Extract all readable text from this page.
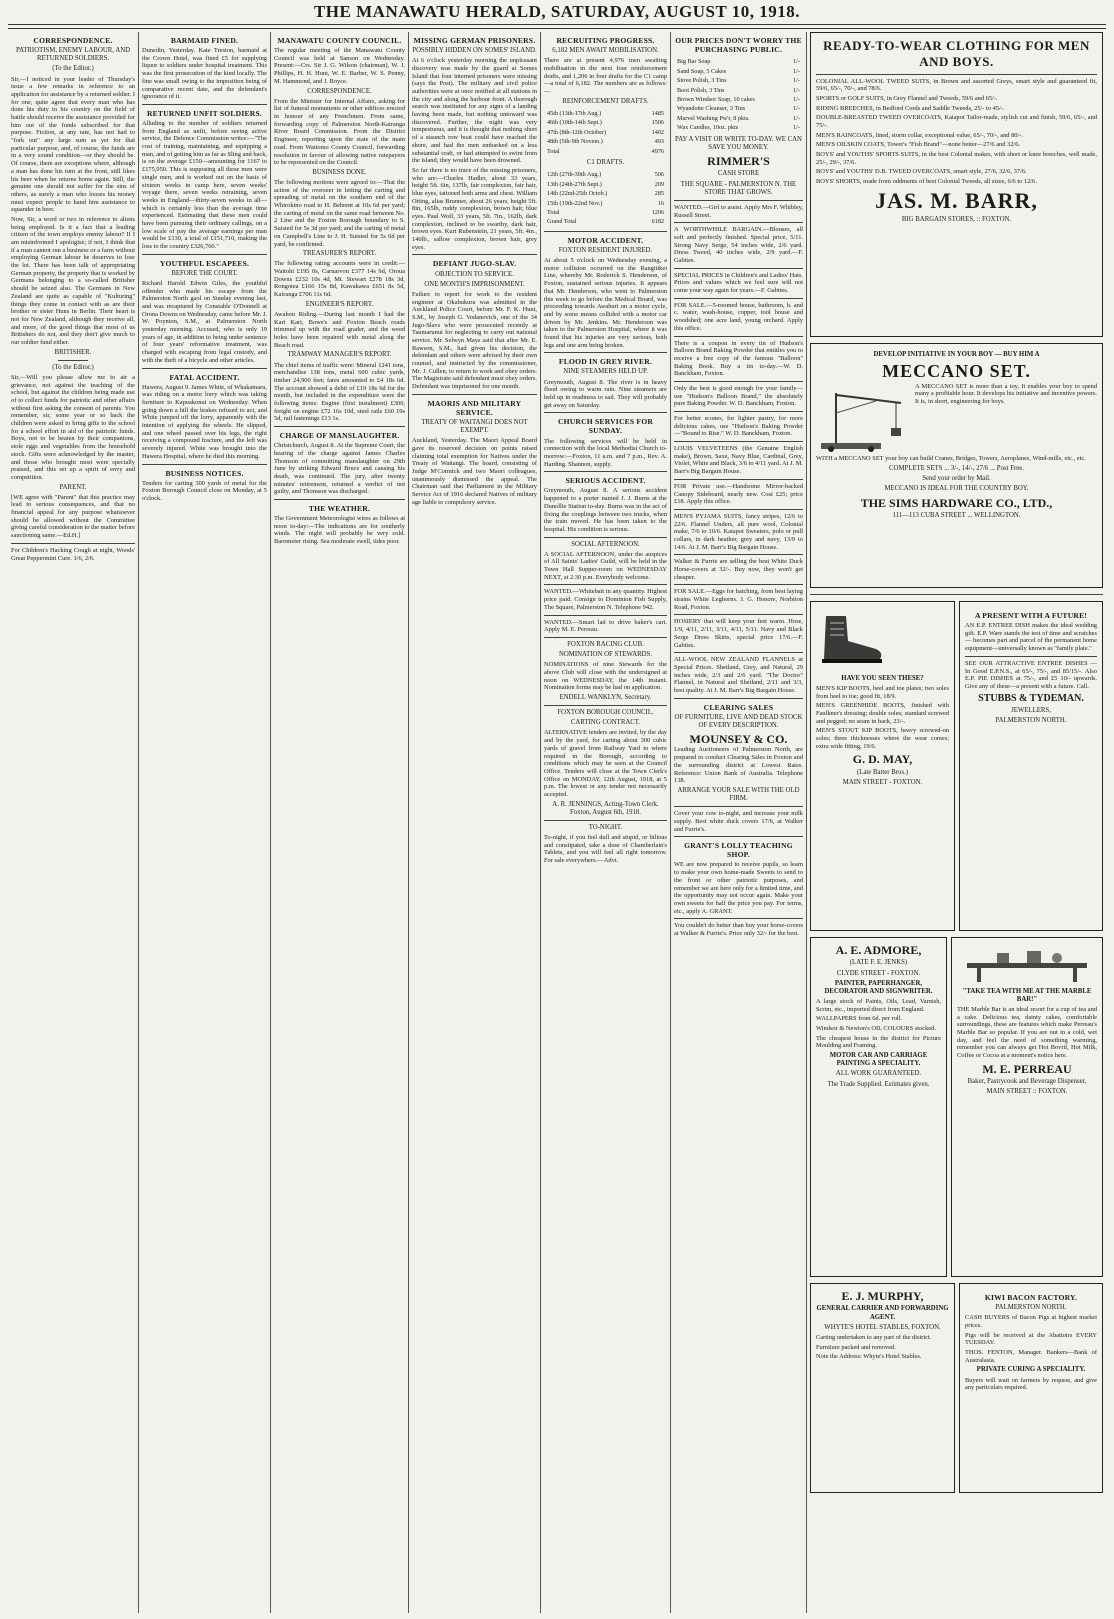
THE MANAWATU HERALD, SATURDAY, AUGUST 10, 1918.
CORRESPONDENCE.
PATRIOTISM, ENEMY LABOUR, AND RETURNED SOLDIERS.
(To the Editor.)
Sir,—I noticed in your leader of Thursday's issue a few remarks in reference to an application for assistance by a returned soldier. I for one, quite agree that every man who has done his duty to his country on the field of battle should receive the assistance provided for him out of the funds subscribed for that purpose. Fiction, at any rate, has not had to "fork out" any large sum as yet for that particular purpose, and, of course, the funds are in a very sound condition—or they should be. Of course, there are exceptions where, although a man has done his turn at the front, still likes his beer when he returns home again. Still, the genuine one should not suffer for the sins of others, as surely a man who looses his money must expect people to hand him assistance to squander in beer.
Now, Sir, a word or two in reference to aliens being employed. Is it a fact that a leading citizen of the town employs enemy labour? If I am misinformed I apologise; if not, I think that if a man cannot run a business or a farm without employing German labour he deserves to lose the lot. There has been talk of appropriating German property, the property that is worked by Germans belonging to a so-called Britisher should be seized also. The Germans in New Zealand are quite as capable of "Kulturing" things they come in contact with as are their brother or sister Huns in Berlin. Their heart is not for New Zealand, although they receive all, and more, of the good things that most of us Britishers do not, and they don't give much to our soldier fund either.
BRITISHER.
(To the Editor.)
Sir,—Will you please allow me to air a grievance, not against the teaching of the school, but against the children being made use of to collect funds for patriotic and other affairs without first asking the consent of parents. You remember, sir, some year or so back the children were asked to bring gifts to the school for a school effort in aid of the patriotic funds. Boys, not to be beaten by their companions, stole eggs and vegetables from the household stock. Gifts were acknowledged by the master, and those who brought most were specially praised, and this set up a spirit of envy and competition.
PARENT.
[WE agree with "Parent" that this practice may lead to serious consequences, and that no financial appeal for any purpose whatsoever should be allowed without the Committee giving careful consideration to the matter before sanctioning same.—Ed.H.]
For Children's Hacking Cough at night, Woods' Great Peppermint Cure. 1/6, 2/6.
BARMAID FINED.
Dunedin, Yesterday. Kate Treston, barmaid at the Crown Hotel, was fined £5 for supplying liquor to soldiers under hospital treatment. This was the first prosecution of the kind locally. The fine was small owing to the imposition being of comparative recent date, and the defendant's ignorance of it.
RETURNED UNFIT SOLDIERS.
Alluding to the number of soldiers returned from England as unfit, before seeing active service, the Defence Commission writes:—"The cost of training, maintaining, and equipping a man, and of getting him as far as Sling and back, is on the average £150—amounting for 1167 to £175,050. This is supposing all these men were single men, and is worked out on the basis of sixteen weeks in camp here, seven weeks' voyage there, seven weeks retraining, seven weeks in England—thirty-seven weeks in all—which is certainly less than the average time experienced. Estimating that these men could have been pursuing their ordinary callings, on a low scale of pay the average earnings per man would be £130, a total of £151,710, making the loss to the country £326,760."
YOUTHFUL ESCAPEES.
BEFORE THE COURT.
Richard Harold Edwin Giles, the youthful offender who made his escape from the Palmerston North gaol on Sunday evening last, and was recaptured by Constable O'Donnell at Orona Downs on Wednesday, came before Mr. J. W. Poynton, S.M., at Palmerston North yesterday morning. Accused, who is only 19 years of age, in addition to being under sentence of four years' reformative treatment, was charged with escaping from legal custody, and with the theft of a bicycle and other articles.
FATAL ACCIDENT.
Hawera, August 9. James White, of Whakamaru, was riding on a motor lorry which was taking furniture to Kapuakonui on Wednesday. When going down a hill the brakes refused to act, and White jumped off the lorry, apparently with the intention of applying the wheels. He slipped, and one wheel passed over his legs, the right receiving a compound fracture, and the left was severely injured. White was brought into the Hawera Hospital, where he died this morning.
BUSINESS NOTICES.
Tenders for carting 300 yards of metal for the Foxton Borough Council close on Monday, at 5 o'clock.
MANAWATU COUNTY COUNCIL.
The regular meeting of the Manawatu County Council was held at Sanson on Wednesday. Present:—Crs. Sir J. G. Wilson (chairman), W. J. Phillips, H. H. Hunt, W. E. Barber, W. S. Penny, M. Hammond, and J. Boyce.
CORRESPONDENCE.
From the Minister for Internal Affairs, asking for list of funeral monuments or other edifices erected in honour of any Frenchmen. From same, forwarding copy of Palmerston North-Kairanga River Board Commission. From the District Engineer, reporting upon the state of the main road. From Waitomo County Council, forwarding resolution in favour of allowing native ratepayers to be represented on the Council.
BUSINESS DONE.
The following motions were agreed to:—That the action of the overseer in letting the carting and spreading of metal on the southern end of the Whirokino road to H. Behrent at 10s 6d per yard; the carting of metal on the same road between No. 2 Line and the Foxton Borough boundary to S. Suisted for 5s 3d per yard; and the carting of metal on Campbell's Line to J. H. Suisted for 5s 6d per yard, be confirmed.
TREASURER'S REPORT.
The following rating accounts were in credit:—Waitohi £195 0s, Carnarvon £377 14s 9d, Oroua Downs £232 10s 4d, Mt. Stewart £278 18s 3d, Rongotea £166 15s 8d, Kawakawa £651 8s 5d, Kairanga £706 11s 6d.
ENGINEER'S REPORT.
Awahou Riding.—During last month I had the Kari Kari, Bowe's and Foxton Beach roads trimmed up with the road grader, and the weed holes have been repaired with metal along the Beach road.
TRAMWAY MANAGER'S REPORT.
The chief items of traffic were: Mineral 1241 tons, merchandise 138 tons, metal 600 cubic yards, timber 24,900 feet; fares amounted to £4 18s 6d. The account showed a debit of £19 18s 6d for the month, but included in the expenditure were the following items: Engine (first instalment) £300, freight on engine £72 16s 10d, steel rails £60 19s 5d, rail fastenings £13 1s.
CHARGE OF MANSLAUGHTER.
Christchurch, August 8. At the Supreme Court, the hearing of the charge against James Charles Thomson of committing manslaughter on 29th June by striking Edward Bruce and causing his death, was continued. The jury, after twenty minutes' retirement, returned a verdict of not guilty, and Thomson was discharged.
THE WEATHER.
The Government Meteorologist wires as follows at noon to-day:—The indications are for southerly winds. The night will probably be very cold. Barometer rising. Sea moderate swell, tides poor.
MISSING GERMAN PRISONERS.
POSSIBLY HIDDEN ON SOMES' ISLAND.
At 6 o'clock yesterday morning the unpleasant discovery was made by the guard at Somes Island that four interned prisoners were missing (says the Post). The military and civil police authorities were at once notified at all stations in the city and along the harbour front. A thorough search was instituted for any signs of a landing having been made, but nothing untoward was discovered. Further, the night was very tempestuous, and it is thought that nothing short of a staunch row boat could have reached the shore, and had the men embarked on a less substantial craft, or had attempted to swim from the island, they would have been drowned.
So far there is no trace of the missing prisoners, who are:—Charles Hadler, about 33 years, height 5ft. 6in, 137lb, fair complexion, fair hair, blue eyes, tattooed both arms and chest. William Otting, alias Brunner, about 26 years, height 5ft. 8in, 165lb, ruddy complexion, brown hair, blue eyes. Paul Wolf, 33 years, 5ft. 7in., 162lb, dark complexion, inclined to be swarthy, dark hair, brown eyes. Kurt Rubenstein, 21 years, 5ft. 4in., 140lb., sallow complexion, brown hair, grey eyes.
DEFIANT JUGO-SLAV.
OBJECTION TO SERVICE.
ONE MONTH'S IMPRISONMENT.
Failure to report for work to the resident engineer at Okahukura was admitted in the Auckland Police Court, before Mr. F. K. Hunt, S.M., by Joseph G. Vodanovich, one of the 34 Jugo-Slavs who were prosecuted recently at Taumarunui for neglecting to carry out national service. Mr. Selwyn Mays said that after Mr. E. Rawson, S.M., had given his decision, the defendant and others were advised by their own counsel, and instructed by the commissioner, Mr. J. Cullen, to return to work and obey orders. The Magistrate said defendant must obey orders. Defendant was imprisoned for one month.
MAORIS AND MILITARY SERVICE.
TREATY OF WAITANGI DOES NOT EXEMPT.
Auckland, Yesterday. The Maori Appeal Board gave its reserved decision on points raised claiming total exemption for Natives under the Treaty of Waitangi. The board, consisting of Judge M'Cormick and two Maori colleagues, unanimously dismissed the appeal. The Chairman said that Parliament in the Military Service Act of 1916 declared Natives of military age liable to compulsory service.
RECRUITING PROGRESS.
6,182 MEN AWAIT MOBILISATION.
There are at present 4,976 men awaiting mobilisation in the next four reinforcement drafts, and 1,206 in four drafts for the C1 camp—a total of 6,182. The numbers are as follows:—
REINFORCEMENT DRAFTS.
45th (13th-17th Aug.)	1485
46th (10th-14th Sept.)	1506
47th (8th-12th October)	1402
48th (5th-9th Novem.)	493
Total	4976
C1 DRAFTS.
12th (27th-30th Aug.)	506
13th (24th-27th Sept.)	209
14th (22nd-25th Octob.)	285
15th (19th-22nd Nov.)	16
Total	1206
Grand Total	6182
MOTOR ACCIDENT.
FOXTON RESIDENT INJURED.
At about 5 o'clock on Wednesday evening, a motor collision occurred on the Rangitikei Line, whereby Mr. Roderick S. Henderson, of Foxton, sustained serious injuries. It appears that Mr. Henderson, who went to Palmerston this week to go before the Medical Board, was proceeding towards Awahuri on a motor cycle, and by some means collided with a motor car driven by Mr. Jenkins. Mr. Henderson was taken to the Palmerston Hospital, where it was found that his injuries are very serious, both legs and one arm being broken.
FLOOD IN GREY RIVER.
NINE STEAMERS HELD UP.
Greymouth, August 8. The river is in heavy flood owing to warm rain. Nine steamers are held up in readiness to sail. They will probably get away on Saturday.
CHURCH SERVICES FOR SUNDAY.
The following services will be held in connection with the local Methodist Church to-morrow:—Foxton, 11 a.m. and 7 p.m., Rev. A. Harding. Shannon, supply.
SERIOUS ACCIDENT.
Greymouth, August 8. A serious accident happened to a porter named J. J. Burns at the Dunollie Station to-day. Burns was in the act of fixing the couplings between two trucks, when the train moved. He has been taken to the hospital. His condition is serious.
SOCIAL AFTERNOON.
A SOCIAL AFTERNOON, under the auspices of All Saints' Ladies' Guild, will be held in the Town Hall Supper-room on WEDNESDAY NEXT, at 2.30 p.m. Everybody welcome.
WANTED.—Whitebait in any quantity. Highest price paid. Consign to Dominion Fish Supply, The Square, Palmerston N. Telephone 942.
WANTED.—Smart lad to drive baker's cart. Apply M. E. Perreau.
FOXTON RACING CLUB.
NOMINATION OF STEWARDS.
NOMINATIONS of nine Stewards for the above Club will close with the undersigned at noon on WEDNESDAY, the 14th instant. Nomination forms may be had on application.
ENDELL WANKLYN, Secretary.
FOXTON BOROUGH COUNCIL.
CARTING CONTRACT.
ALTERNATIVE tenders are invited, by the day and by the yard, for carting about 300 cubic yards of gravel from Railway Yard to where required in the Borough, according to conditions which may be seen at the Council Office. Tenders will close at the Town Clerk's Office on MONDAY, 12th August, 1918, at 5 p.m. The lowest or any tender not necessarily accepted.
A. R. JENNINGS, Acting-Town Clerk. Foxton, August 6th, 1918.
TO-NIGHT.
To-night, if you feel dull and stupid, or bilious and constipated, take a dose of Chamberlain's Tablets, and you will feel all right tomorrow. For sale everywhere.—Advt.
OUR PRICES DON'T WORRY THE PURCHASING PUBLIC.
Big Bar Soap	1/-
Sand Soap, 5 Cakes	1/-
Stove Polish, 3 Tins	1/-
Boot Polish, 3 Tins	1/-
Brown Windsor Soap, 10 cakes	1/-
Wyandotte Cleanser, 3 Tins	1/-
Marvel Washing Pw'r, 8 pkts.	1/-
Wax Candles, 10oz. pkts	1/-
PAY A VISIT OR WRITE TO-DAY. WE CAN SAVE YOU MONEY.
RIMMER'S
CASH STORE
THE SQUARE - PALMERSTON N. THE STORE THAT GROWS.
WANTED.—Girl to assist. Apply Mrs F. Whibley, Russell Street.
A WORTHWHILE BARGAIN.—Blouses, all soft and perfectly finished. Special price, 5/11. Strong Navy Serge, 54 inches wide, 2/6 yard. Dress Tweed, 40 inches wide, 2/9 yard.—F. Gabites.
SPECIAL PRICES in Children's and Ladies' Hats. Prices and values which we feel sure will not come your way again for years.—F. Gabites.
FOR SALE.—5-roomed house, bathroom, h. and c. water, wash-house, copper, tool house and woodshed; one acre land, young orchard. Apply this office.
There is a coupon in every tin of Hudson's Balloon Brand Baking Powder that entitles you to receive a free copy of the famous "Balloon" Baking Book. Buy a tin to-day.—W. D. Banckham, Foxton.
Only the best is good enough for your family—use "Hudson's Balloon Brand," the absolutely pure Baking Powder. W. D. Banckham, Foxton.
For better scones, for lighter pastry, for more delicious cakes, use "Hudson's Baking Powder—"Bound to Rise." W. D. Banckham, Foxton.
LOUIS VELVETEENS (the Genuine English make), Brown, Saxe, Navy Blue, Cardinal, Grey, Violet, White and Black, 3/6 to 4/11 yard. At J. M. Barr's Big Bargain House.
FOR Private use.—Handsome Mirror-backed Canopy Sideboard, nearly new. Cost £25; price £18. Apply this office.
MEN'S PYJAMA SUITS, fancy stripes, 12/6 to 22/6. Flannel Unders, all pure wool, Colonial make, 7/6 to 10/6. Kaiapoi Sweaters, polo or pull collars, in dark heather, grey and navy, 13/9 to 14/6. At J. M. Barr's Big Bargain House.
Walker & Furrie are selling the best White Duck Horse-covers at 32/-. Buy now, they won't get cheaper.
FOR SALE.—Eggs for hatching, from best laying strains White Leghorns. J. G. Honore, Norbiton Road, Foxton.
HOSIERY that will keep your feet warm. Hose, 1/9, 4/11, 2/11, 3/11, 4/11, 5/11. Navy and Black Serge Dress Skirts, special price 17/6.—F. Gabites.
ALL-WOOL NEW ZEALAND FLANNELS at Special Prices. Shetland, Grey, and Natural, 29 inches wide, 2/3 and 2/6 yard. "The Doctor" Flannel, in Natural and Shetland, 2/11 and 3/3, best quality. At J. M. Barr's Big Bargain House.
CLEARING SALES
OF FURNITURE, LIVE AND DEAD STOCK OF EVERY DESCRIPTION.
MOUNSEY & CO.
Leading Auctioneers of Palmerston North, are prepared to conduct Clearing Sales in Foxton and the surrounding district at Lowest Rates. Reference: Union Bank of Australia. Telephone 138.
ARRANGE YOUR SALE WITH THE OLD FIRM.
Cover your cow to-night, and increase your milk supply. Best white duck covers 17/6, at Walker and Furrie's.
GRANT'S LOLLY TEACHING SHOP.
WE are now prepared to receive pupils, so learn to make your own home-made Sweets to send to the front or other patriotic purposes, and remember we are here only for a limited time, and the opportunity may not occur again. Make your own sweets for half the price you pay. For terms, etc., apply A. GRANT.
You couldn't do better than buy your horse-covers at Walker & Furrie's. Price only 32/- for the best.
READY-TO-WEAR CLOTHING FOR MEN AND BOYS.
COLONIAL ALL-WOOL TWEED SUITS, in Brown and assorted Greys, smart style and guaranteed fit, 59/6, 65/-, 70/-, and 78/6.
SPORTS or GOLF SUITS, in Grey Flannel and Tweeds, 59/6 and 65/-.
RIDING BREECHES, in Bedford Cords and Saddle Tweeds, 25/- to 45/-.
DOUBLE-BREASTED TWEED OVERCOATS, Kaiapoi Tailor-made, stylish cut and finish, 59/6, 65/-, and 75/-.
MEN'S RAINCOATS, lined, storm collar, exceptional value, 65/-, 70/-, and 80/-.
MEN'S OILSKIN COATS, Tower's "Fish Brand"—none better—27/6 and 32/6.
BOYS' and YOUTHS' SPORTS SUITS, in the best Colonial makes, with short or knee breeches, well made, 25/-, 29/-, 37/6.
BOYS' and YOUTHS' D.B. TWEED OVERCOATS, smart style, 27/6, 32/6, 37/6.
BOYS' SHORTS, made from oddments of best Colonial Tweeds, all sizes, 6/6 to 12/6.
JAS. M. BARR,
BIG BARGAIN STORES, :: FOXTON.
DEVELOP INITIATIVE IN YOUR BOY — BUY HIM A
MECCANO SET.
A MECCANO SET is more than a toy. It enables your boy to spend many a profitable hour. It develops his initiative and inventive powers. It is, in short, engineering for boys.
WITH a MECCANO SET your boy can build Cranes, Bridges, Towers, Aeroplanes, Wind-mills, etc., etc.
COMPLETE SETS ... 3/-, 14/-, 27/6 ... Post Free.
Send your order by Mail.
MECCANO IS IDEAL FOR THE COUNTRY BOY.
THE SIMS HARDWARE CO., LTD.,
111—113 CUBA STREET ... WELLINGTON.
HAVE YOU SEEN THESE?
MEN'S KIP BOOTS, heel and toe plates; two soles from heel to toe; good fit, 18/9.
MEN'S GREENHIDE BOOTS, finished with Faulkner's dressing; double soles; standard screwed and pegged; no seam in back, 23/-.
MEN'S STOUT KIP BOOTS, heavy screwed-on soles; three thicknesses where the wear comes; extra wide fitting, 19/6.
G. D. MAY,
(Late Batter Bros.)
MAIN STREET - FOXTON.
A PRESENT WITH A FUTURE!
AN E.P. ENTREE DISH makes the ideal wedding gift. E.P. Ware stands the test of time and scratches — becomes part and parcel of the permanent home equipment—universally known as "family plate."
SEE OUR ATTRACTIVE ENTREE DISHES — In Good E.P.N.S., at 65/-, 75/-, and 85/15/-. Also E.P. PIE DISHES at 75/-, and £5 10/- upwards. Give any of these—a present with a future. Call.
STUBBS & TYDEMAN.
JEWELLERS,
PALMERSTON NORTH.
A. E. ADMORE,
(LATE F. E. JENKS)
CLYDE STREET - FOXTON.
PAINTER, PAPERHANGER, DECORATOR AND SIGNWRITER.
A large stock of Paints, Oils, Lead, Varnish, Scrim, etc., imported direct from England.
WALLPAPERS from 6d. per roll.
Windsor & Newton's OIL COLOURS stocked.
The cheapest house in the district for Picture Moulding and Framing.
MOTOR CAR AND CARRIAGE PAINTING A SPECIALITY.
ALL WORK GUARANTEED.
The Trade Supplied. Estimates given.
"TAKE TEA WITH ME AT THE MARBLE BAR!"
THE Marble Bar is an ideal resort for a cup of tea and a cake. Delicious tea, dainty cakes, comfortable surroundings, these are features which make Perreau's Marble Bar so popular. If you are out in a cold, wet day, and feel the need of something warming, remember you can always get Hot Bovril, Hot Milk, Coffee or Cocoa at a moment's notice here.
M. E. PERREAU
Baker, Pastrycook and Beverage Dispenser,
MAIN STREET :: FOXTON.
E. J. MURPHY,
GENERAL CARRIER AND FORWARDING AGENT.
WHYTE'S HOTEL STABLES, FOXTON.
Carting undertaken to any part of the district.
Furniture packed and removed.
Note the Address: Whyte's Hotel Stables.
KIWI BACON FACTORY.
PALMERSTON NORTH.
CASH BUYERS of Bacon Pigs at highest market prices.
Pigs will be received at the Abattoirs EVERY TUESDAY.
THOS. FENTON, Manager. Bankers—Bank of Australasia.
PRIVATE CURING A SPECIALITY.
Buyers will wait on farmers by request, and give any particulars required.
